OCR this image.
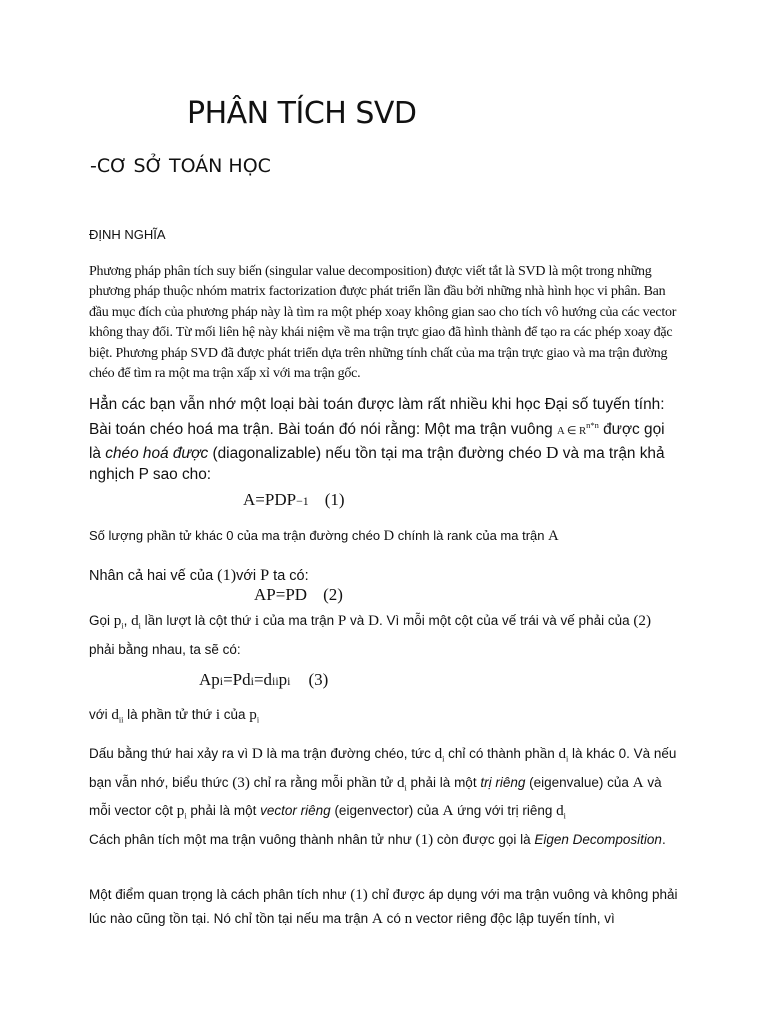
PHÂN TÍCH SVD
-CƠ SỞ TOÁN HỌC
ĐỊNH NGHĨA
Phương pháp phân tích suy biến (singular value decomposition) được viết tắt là SVD là một trong những phương pháp thuộc nhóm matrix factorization được phát triển lần đầu bởi những nhà hình học vi phân. Ban đầu mục đích của phương pháp này là tìm ra một phép xoay không gian sao cho tích vô hướng của các vector không thay đổi. Từ mối liên hệ này khái niệm về ma trận trực giao đã hình thành để tạo ra các phép xoay đặc biệt. Phương pháp SVD đã được phát triển dựa trên những tính chất của ma trận trực giao và ma trận đường chéo để tìm ra một ma trận xấp xỉ với ma trận gốc.
Hẳn các bạn vẫn nhớ một loại bài toán được làm rất nhiều khi học Đại số tuyến tính: Bài toán chéo hoá ma trận. Bài toán đó nói rằng: Một ma trận vuông A ∈ $R^{n*n}$ được gọi là chéo hoá được (diagonalizable) nếu tồn tại ma trận đường chéo D và ma trận khả nghịch P sao cho:
A=PDP−1 (1)
Số lượng phần tử khác 0 của ma trận đường chéo D chính là rank của ma trận A
Nhân cả hai vế của (1)với P ta có:
AP=PD (2)
Gọi $p_i$, $d_i$ lần lượt là cột thứ i của ma trận P và D. Vì mỗi một cột của vế trái và vế phải của (2) phải bằng nhau, ta sẽ có:
Api=Pdi=diipi (3)
với $d_{ii}$ là phần tử thứ i của $p_i$
Dấu bằng thứ hai xảy ra vì D là ma trận đường chéo, tức $d_i$ chỉ có thành phần $d_i$ là khác 0. Và nếu bạn vẫn nhớ, biểu thức (3) chỉ ra rằng mỗi phần tử $d_i$ phải là một trị riêng (eigenvalue) của A và mỗi vector cột $p_i$ phải là một vector riêng (eigenvector) của A ứng với trị riêng $d_i$
Cách phân tích một ma trận vuông thành nhân tử như (1) còn được gọi là Eigen Decomposition.
Một điểm quan trọng là cách phân tích như (1) chỉ được áp dụng với ma trận vuông và không phải lúc nào cũng tồn tại. Nó chỉ tồn tại nếu ma trận A có n vector riêng độc lập tuyến tính, vì
